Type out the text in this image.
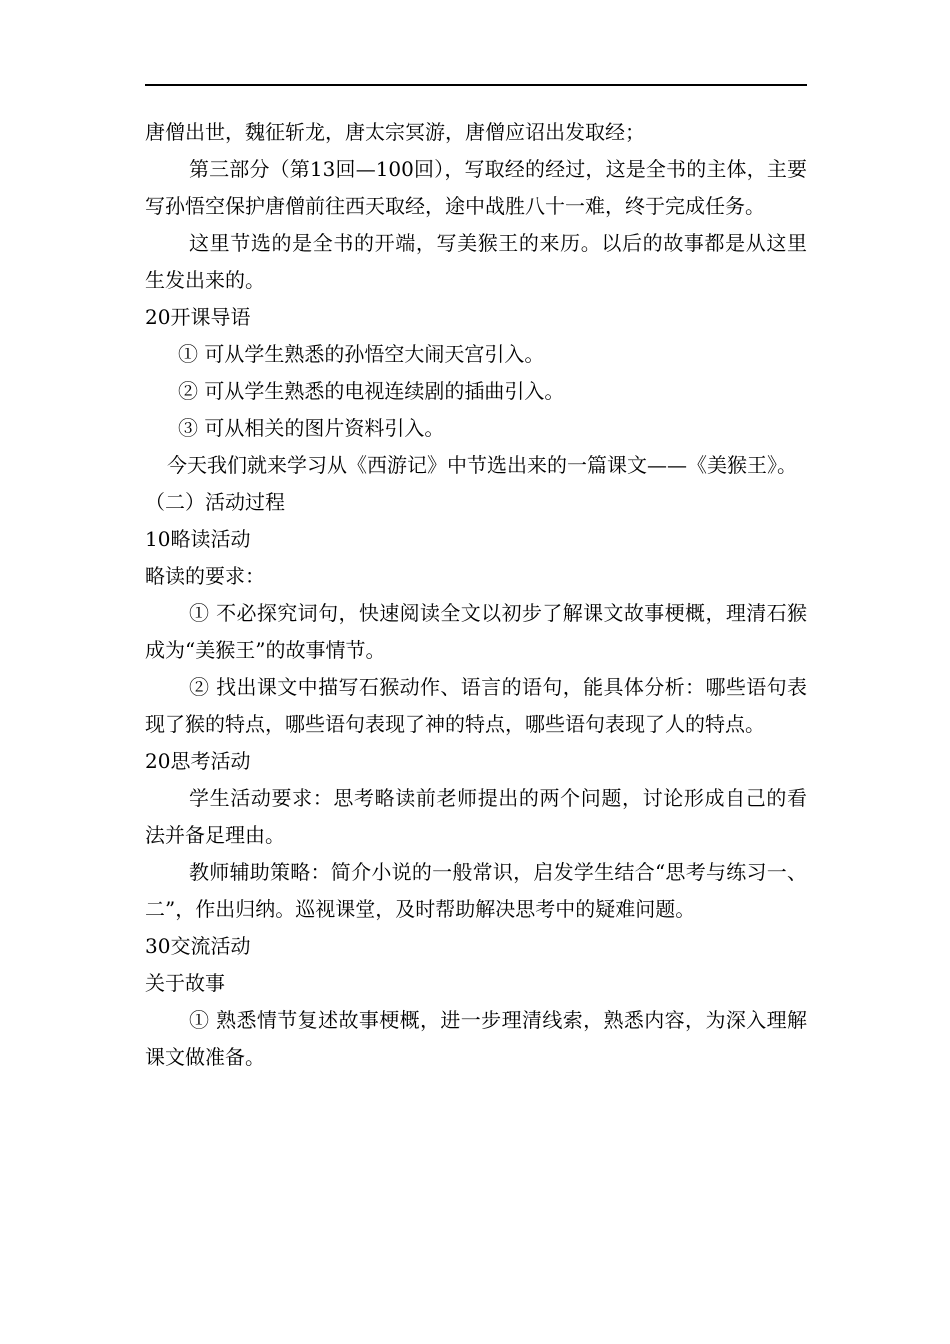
唐僧出世，魏征斩龙，唐太宗冥游，唐僧应诏出发取经；

第三部分（第13回—100回），写取经的经过，这是全书的主体，主要写孙悟空保护唐僧前往西天取经，途中战胜八十一难，终于完成任务。

这里节选的是全书的开端，写美猴王的来历。以后的故事都是从这里生发出来的。

20开课导语

① 可从学生熟悉的孙悟空大闹天宫引入。

② 可从学生熟悉的电视连续剧的插曲引入。

③ 可从相关的图片资料引入。

今天我们就来学习从《西游记》中节选出来的一篇课文——《美猴王》。

（二）活动过程

10略读活动

略读的要求：

① 不必探究词句，快速阅读全文以初步了解课文故事梗概，理清石猴成为“美猴王”的故事情节。

② 找出课文中描写石猴动作、语言的语句，能具体分析：哪些语句表现了猴的特点，哪些语句表现了神的特点，哪些语句表现了人的特点。

20思考活动

学生活动要求：思考略读前老师提出的两个问题，讨论形成自己的看法并备足理由。

教师辅助策略：简介小说的一般常识，启发学生结合“思考与练习一、二”，作出归纳。巡视课堂，及时帮助解决思考中的疑难问题。

30交流活动

关于故事

① 熟悉情节复述故事梗概，进一步理清线索，熟悉内容，为深入理解课文做准备。
